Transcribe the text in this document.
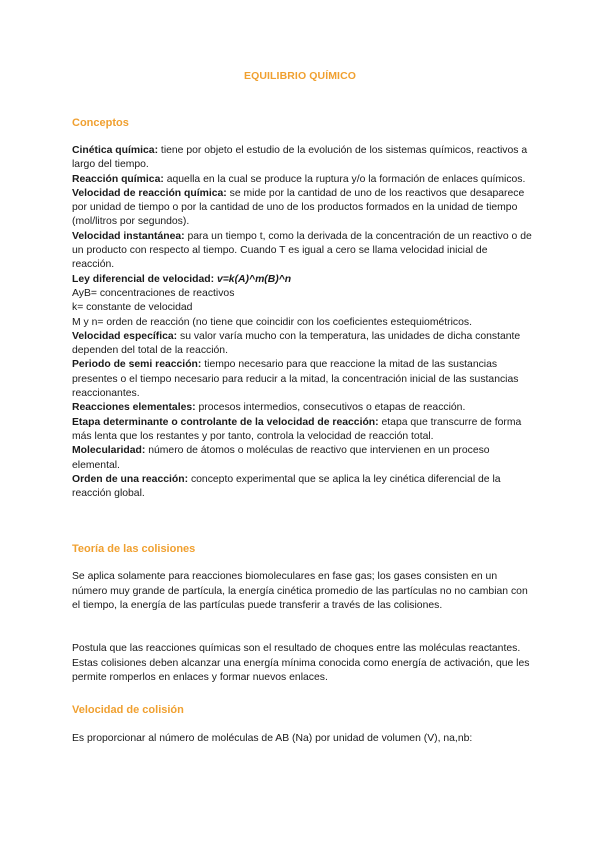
EQUILIBRIO QUÍMICO
Conceptos

Cinética química: tiene por objeto el estudio de la evolución de los sistemas químicos, reactivos a largo del tiempo.

Reacción química: aquella en la cual se produce la ruptura y/o la formación de enlaces químicos.

Velocidad de reacción química: se mide por la cantidad de uno de los reactivos que desaparece por unidad de tiempo o por la cantidad de uno de los productos formados en la unidad de tiempo (mol/litros por segundos).

Velocidad instantánea: para un tiempo t, como la derivada de la concentración de un reactivo o de un producto con respecto al tiempo. Cuando T es igual a cero se llama velocidad inicial de reacción.

Ley diferencial de velocidad: v=k(A)^m(B)^n

AyB= concentraciones de reactivos

k= constante de velocidad

M y n= orden de reacción (no tiene que coincidir con los coeficientes estequiométricos.

Velocidad específica: su valor varía mucho con la temperatura, las unidades de dicha constante dependen del total de la reacción.

Periodo de semi reacción: tiempo necesario para que reaccione la mitad de las sustancias presentes o el tiempo necesario para reducir a la mitad, la concentración inicial de las sustancias reaccionantes.

Reacciones elementales: procesos intermedios, consecutivos o etapas de reacción.

Etapa determinante o controlante de la velocidad de reacción: etapa que transcurre de forma más lenta que los restantes y por tanto, controla la velocidad de reacción total.

Molecularidad: número de átomos o moléculas de reactivo que intervienen en un proceso elemental.

Orden de una reacción: concepto experimental que se aplica la ley cinética diferencial de la reacción global.

Teoría de las colisiones

Se aplica solamente para reacciones biomoleculares en fase gas; los gases consisten en un número muy grande de partícula, la energía cinética promedio de las partículas no no cambian con el tiempo, la energía de las partículas puede transferir a través de las colisiones.

Postula que las reacciones químicas son el resultado de choques entre las moléculas reactantes. Estas colisiones deben alcanzar una energía mínima conocida como energía de activación, que les permite romperlos en enlaces y formar nuevos enlaces.

Velocidad de colisión

Es proporcionar al número de moléculas de AB (Na) por unidad de volumen (V), na,nb:
